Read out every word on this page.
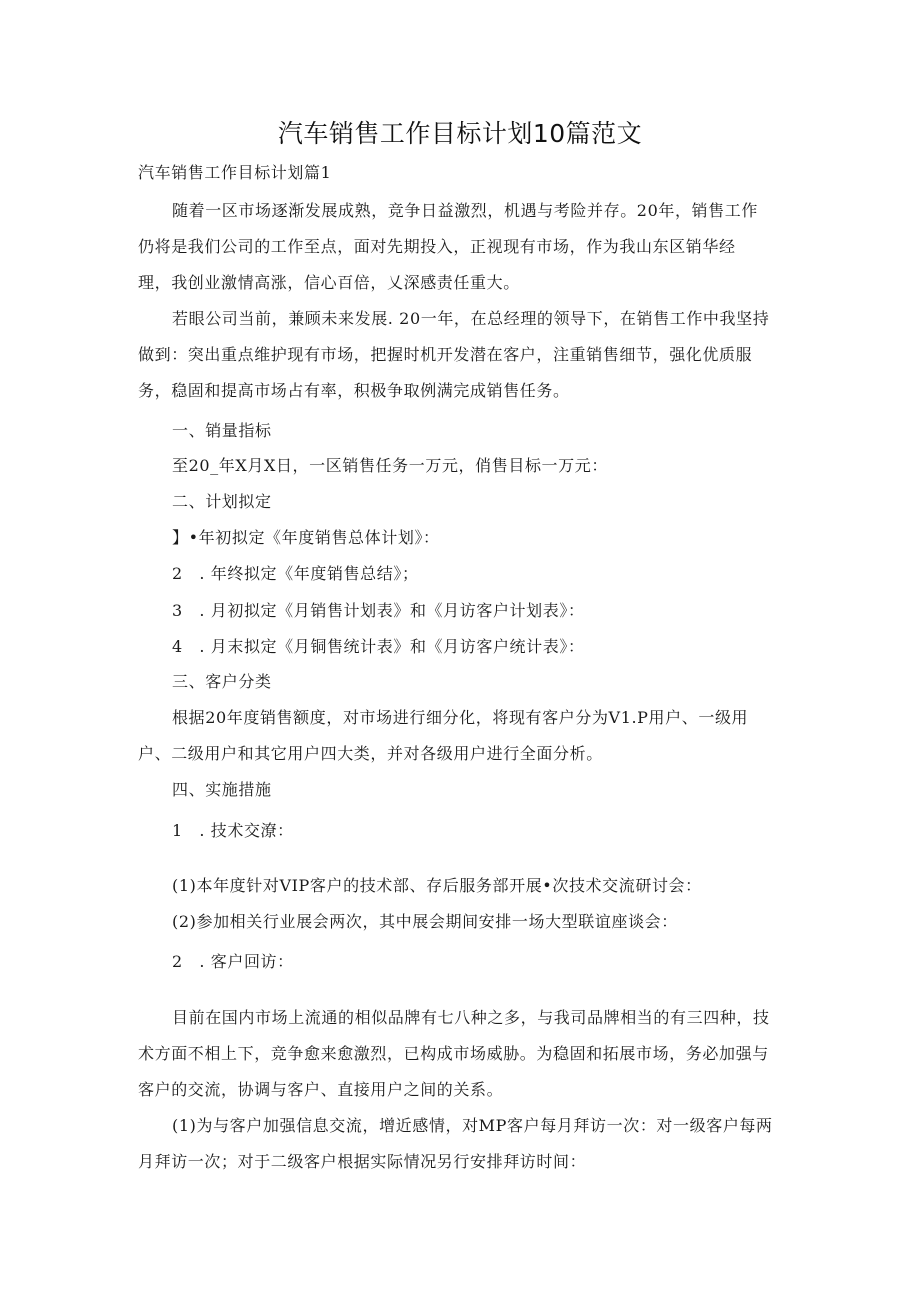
汽车销售工作目标计划10篇范文

汽车销售工作目标计划篇1

随着一区市场逐渐发展成熟，竞争日益激烈，机遇与考险并存。20年，销售工作

仍将是我们公司的工作至点，面对先期投入，正视现有市场，作为我山东区销华经

理，我创业激情高涨，信心百倍，乂深感责任重大。

若眼公司当前，兼顾未来发展. 20一年，在总经理的领导下，在销售工作中我坚持

做到：突出重点维护现有市场，把握时机开发潜在客户，注重销售细节，强化优质服

务，稳固和提高市场占有率，积极争取例满完成销售任务。

一、销量指标

至20_年X月X日，一区销售任务一万元，俏售目标一万元：

二、计划拟定

】•年初拟定《年度销售总体计划》：

2　. 年终拟定《年度销售总结》；

3　. 月初拟定《月销售计划表》和《月访客户计划表》：

4　. 月末拟定《月铜售统计表》和《月访客户统计表》：

三、客户分类

根据20年度销售额度，对市场进行细分化，将现有客户分为V1.P用户、一级用

户、二级用户和其它用户四大类，并对各级用户进行全面分析。

四、实施措施

1　. 技术交潦：

(1)本年度针对VIP客户的技术部、存后服务部开展•次技术交流研讨会：

(2)参加相关行业展会两次，其中展会期间安排一场大型联谊座谈会：

2　. 客户回访：

目前在国内市场上流通的相似品牌有七八种之多，与我司品牌相当的有三四种，技

术方面不相上下，竞争愈来愈激烈，已构成市场威胁。为稳固和拓展市场，务必加强与

客户的交流，协调与客户、直接用户之间的关系。

(1)为与客户加强信息交流，增近感情，对MP客户每月拜访一次：对一级客户每两

月拜访一次；对于二级客户根据实际情况另行安排拜访时间：
